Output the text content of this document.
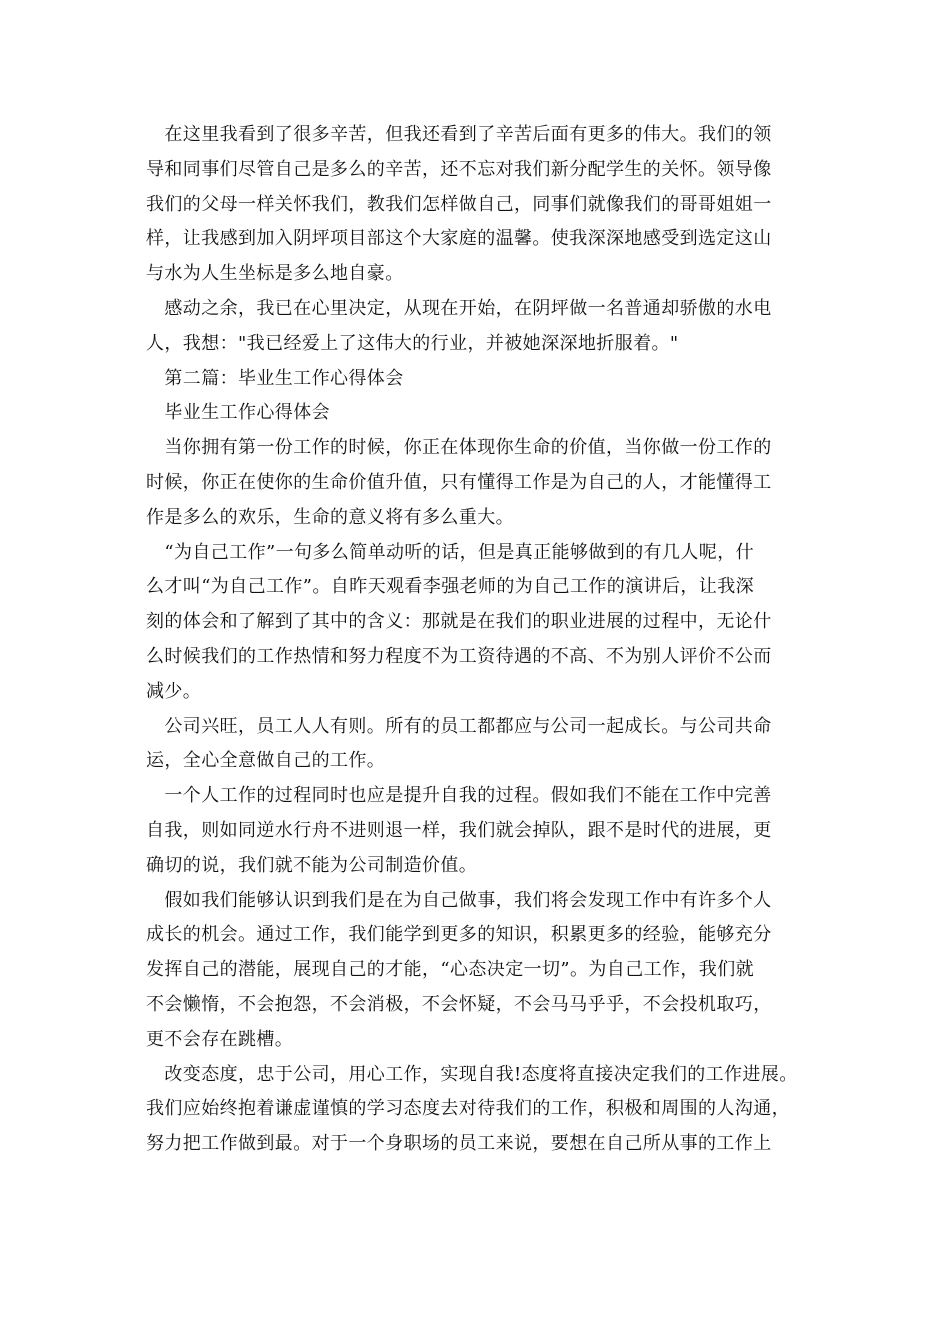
　在这里我看到了很多辛苦，但我还看到了辛苦后面有更多的伟大。我们的领
导和同事们尽管自己是多么的辛苦，还不忘对我们新分配学生的关怀。领导像
我们的父母一样关怀我们，教我们怎样做自己，同事们就像我们的哥哥姐姐一
样，让我感到加入阴坪项目部这个大家庭的温馨。使我深深地感受到选定这山
与水为人生坐标是多么地自豪。
　感动之余，我已在心里决定，从现在开始，在阴坪做一名普通却骄傲的水电
人，我想："我已经爱上了这伟大的行业，并被她深深地折服着。"
　第二篇：毕业生工作心得体会
　毕业生工作心得体会
　当你拥有第一份工作的时候，你正在体现你生命的价值，当你做一份工作的
时候，你正在使你的生命价值升值，只有懂得工作是为自己的人，才能懂得工
作是多么的欢乐，生命的意义将有多么重大。
　“为自己工作”一句多么简单动听的话，但是真正能够做到的有几人呢，什
么才叫“为自己工作”。自昨天观看李强老师的为自己工作的演讲后，让我深
刻的体会和了解到了其中的含义：那就是在我们的职业进展的过程中，无论什
么时候我们的工作热情和努力程度不为工资待遇的不高、不为别人评价不公而
减少。
　公司兴旺，员工人人有则。所有的员工都都应与公司一起成长。与公司共命
运，全心全意做自己的工作。
　一个人工作的过程同时也应是提升自我的过程。假如我们不能在工作中完善
自我，则如同逆水行舟不进则退一样，我们就会掉队，跟不是时代的进展，更
确切的说，我们就不能为公司制造价值。
　假如我们能够认识到我们是在为自己做事，我们将会发现工作中有许多个人
成长的机会。通过工作，我们能学到更多的知识，积累更多的经验，能够充分
发挥自己的潜能，展现自己的才能，“心态决定一切”。为自己工作，我们就
不会懒惰，不会抱怨，不会消极，不会怀疑，不会马马乎乎，不会投机取巧，
更不会存在跳槽。
　改变态度，忠于公司，用心工作，实现自我!态度将直接决定我们的工作进展。
我们应始终抱着谦虚谨慎的学习态度去对待我们的工作，积极和周围的人沟通，
努力把工作做到最。对于一个身职场的员工来说，要想在自己所从事的工作上
